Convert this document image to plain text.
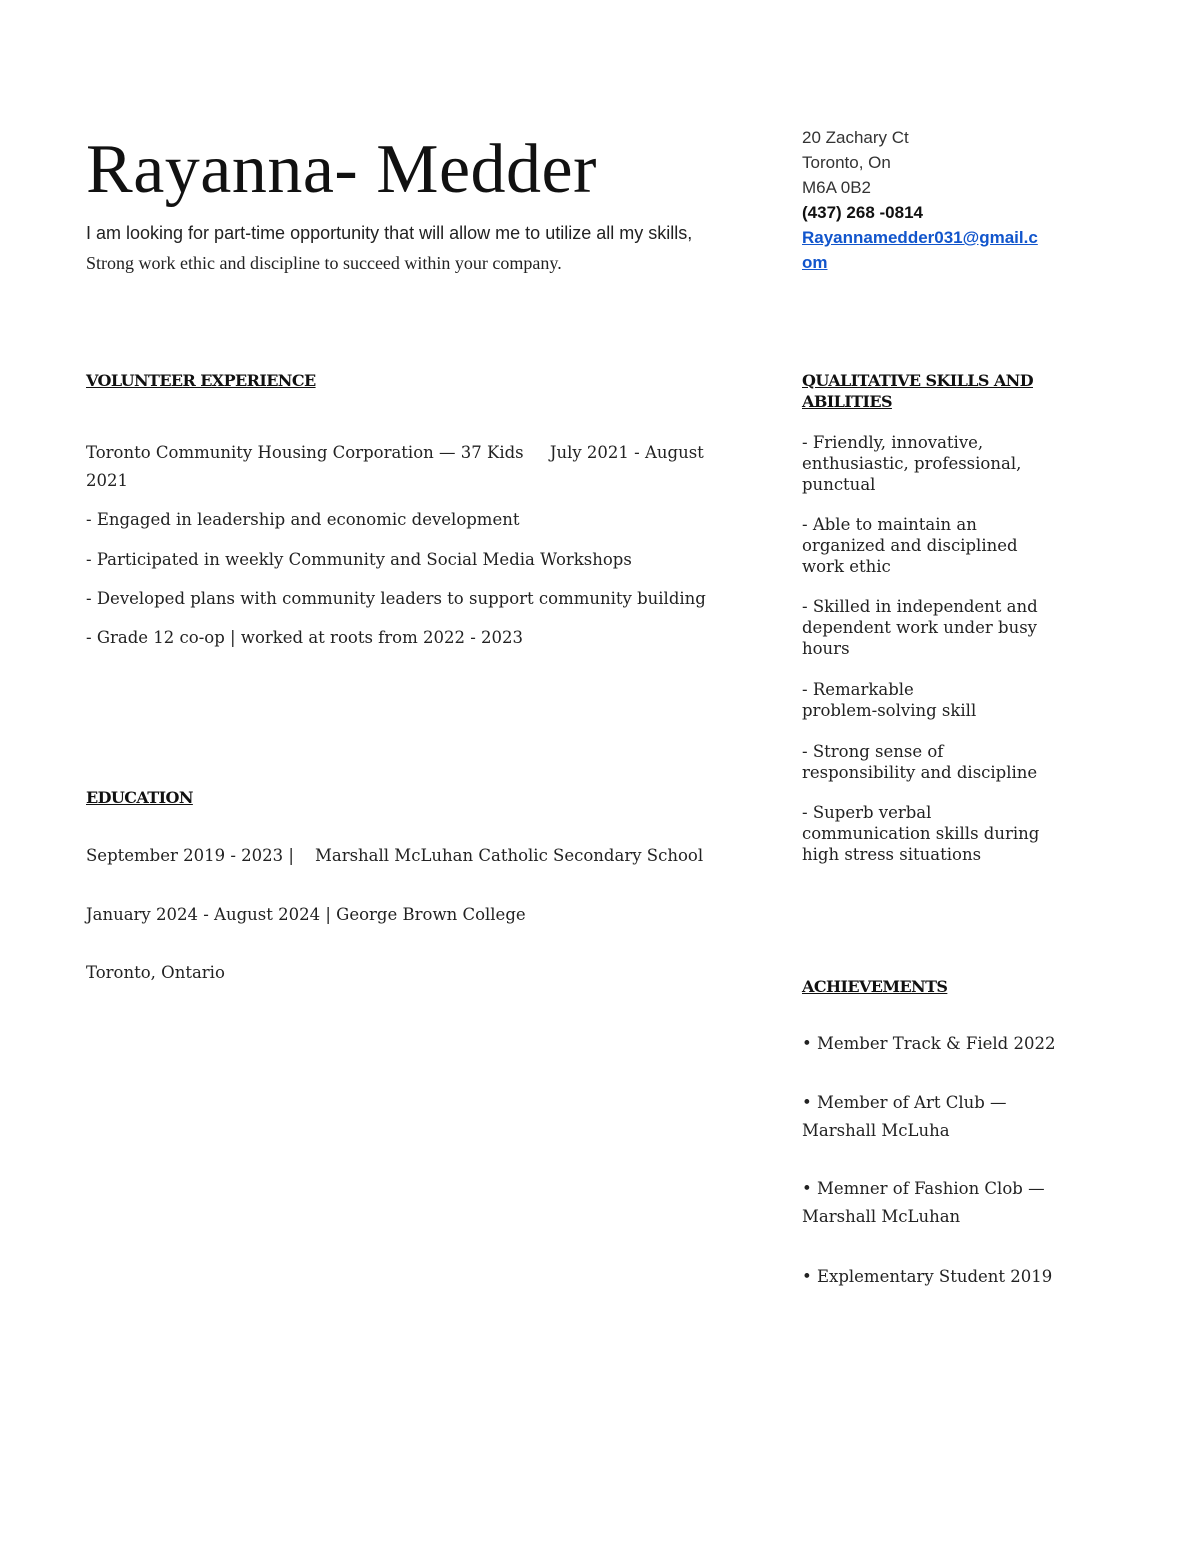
Rayanna- Medder
I am looking for part-time opportunity that will allow me to utilize all my skills,
Strong work ethic and discipline to succeed within your company.
20 Zachary Ct
Toronto, On
M6A 0B2
(437) 268 -0814
Rayannamedder031@gmail.c
om
VOLUNTEER EXPERIENCE
Toronto Community Housing Corporation — 37 Kids     July 2021 - August
2021
- Engaged in leadership and economic development
- Participated in weekly Community and Social Media Workshops
- Developed plans with community leaders to support community building
- Grade 12 co-op | worked at roots from 2022 - 2023
EDUCATION
September 2019 - 2023 |    Marshall McLuhan Catholic Secondary School
January 2024 - August 2024 | George Brown College
Toronto, Ontario
QUALITATIVE SKILLS AND
ABILITIES
- Friendly, innovative,
enthusiastic, professional,
punctual
- Able to maintain an
organized and disciplined
work ethic
- Skilled in independent and
dependent work under busy
hours
- Remarkable
problem-solving skill
- Strong sense of
responsibility and discipline
- Superb verbal
communication skills during
high stress situations
ACHIEVEMENTS
• Member Track & Field 2022
• Member of Art Club —
Marshall McLuha
• Memner of Fashion Clob —
Marshall McLuhan
• Explementary Student 2019
